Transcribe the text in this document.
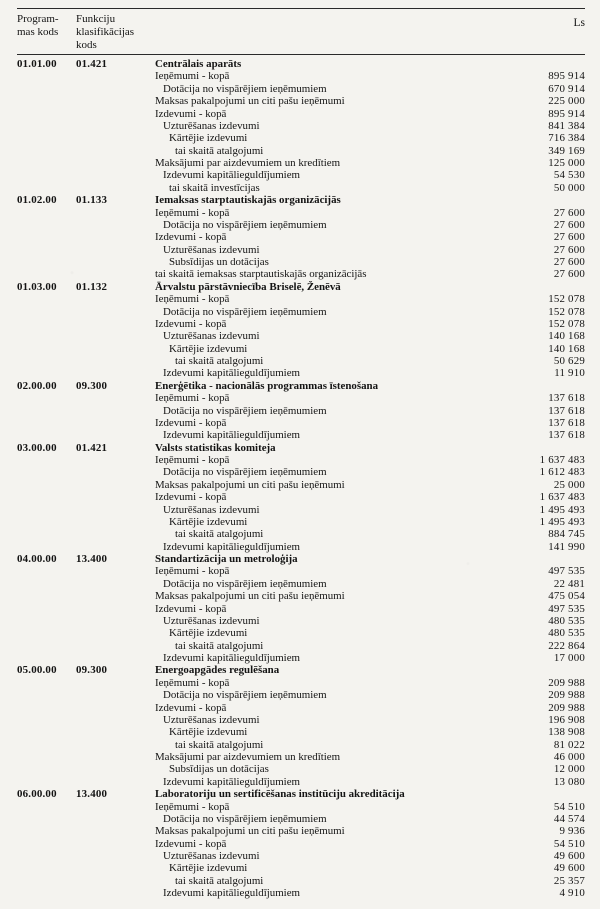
Program-
mas kods
Funkciju
klasifikācijas
kods
Ls
01.01.00	01.421	Centrālais aparāts
Ieņēmumi - kopā	895 914
Dotācija no vispārējiem ieņēmumiem	670 914
Maksas pakalpojumi un citi pašu ieņēmumi	225 000
Izdevumi - kopā	895 914
Uzturēšanas izdevumi	841 384
Kārtējie izdevumi	716 384
tai skaitā atalgojumi	349 169
Maksājumi par aizdevumiem un kredītiem	125 000
Izdevumi kapitālieguldījumiem	54 530
tai skaitā investīcijas	50 000
01.02.00	01.133	Iemaksas starptautiskajās organizācijās
Ieņēmumi - kopā	27 600
Dotācija no vispārējiem ieņēmumiem	27 600
Izdevumi - kopā	27 600
Uzturēšanas izdevumi	27 600
Subsīdijas un dotācijas	27 600
tai skaitā iemaksas starptautiskajās organizācijās	27 600
01.03.00	01.132	Ārvalstu pārstāvniecība Briselē, Ženēvā
Ieņēmumi - kopā	152 078
Dotācija no vispārējiem ieņēmumiem	152 078
Izdevumi - kopā	152 078
Uzturēšanas izdevumi	140 168
Kārtējie izdevumi	140 168
tai skaitā atalgojumi	50 629
Izdevumi kapitālieguldījumiem	11 910
02.00.00	09.300	Enerģētika - nacionālās programmas īstenošana
Ieņēmumi - kopā	137 618
Dotācija no vispārējiem ieņēmumiem	137 618
Izdevumi - kopā	137 618
Izdevumi kapitālieguldījumiem	137 618
03.00.00	01.421	Valsts statistikas komiteja
Ieņēmumi - kopā	1 637 483
Dotācija no vispārējiem ieņēmumiem	1 612 483
Maksas pakalpojumi un citi pašu ieņēmumi	25 000
Izdevumi - kopā	1 637 483
Uzturēšanas izdevumi	1 495 493
Kārtējie izdevumi	1 495 493
tai skaitā atalgojumi	884 745
Izdevumi kapitālieguldījumiem	141 990
04.00.00	13.400	Standartizācija un metroloģija
Ieņēmumi - kopā	497 535
Dotācija no vispārējiem ieņēmumiem	22 481
Maksas pakalpojumi un citi pašu ieņēmumi	475 054
Izdevumi - kopā	497 535
Uzturēšanas izdevumi	480 535
Kārtējie izdevumi	480 535
tai skaitā atalgojumi	222 864
Izdevumi kapitālieguldījumiem	17 000
05.00.00	09.300	Energoapgādes regulēšana
Ieņēmumi - kopā	209 988
Dotācija no vispārējiem ieņēmumiem	209 988
Izdevumi - kopā	209 988
Uzturēšanas izdevumi	196 908
Kārtējie izdevumi	138 908
tai skaitā atalgojumi	81 022
Maksājumi par aizdevumiem un kredītiem	46 000
Subsīdijas un dotācijas	12 000
Izdevumi kapitālieguldījumiem	13 080
06.00.00	13.400	Laboratoriju un sertificēšanas institūciju akreditācija
Ieņēmumi - kopā	54 510
Dotācija no vispārējiem ieņēmumiem	44 574
Maksas pakalpojumi un citi pašu ieņēmumi	9 936
Izdevumi - kopā	54 510
Uzturēšanas izdevumi	49 600
Kārtējie izdevumi	49 600
tai skaitā atalgojumi	25 357
Izdevumi kapitālieguldījumiem	4 910
